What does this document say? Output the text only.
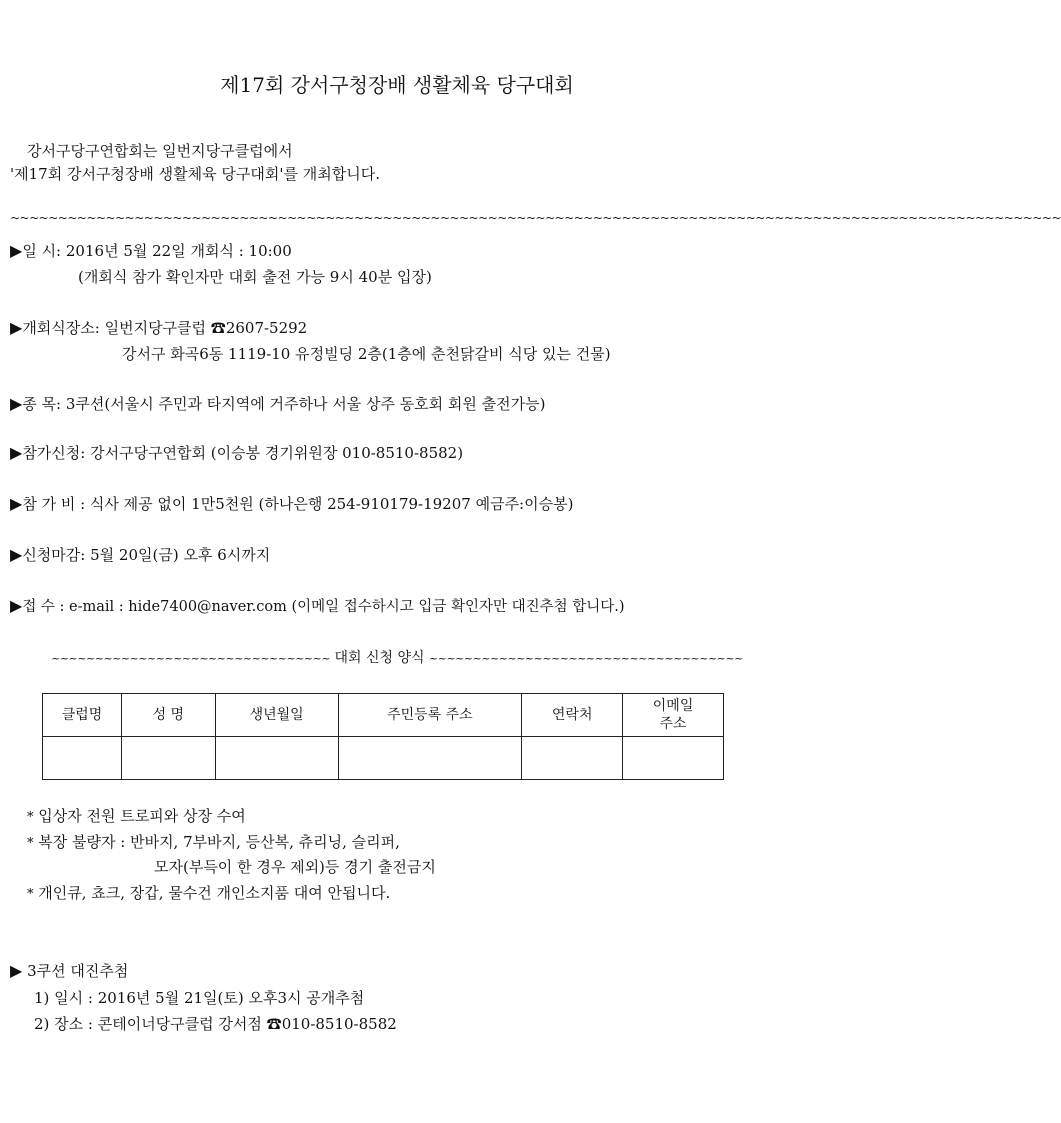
제17회 강서구청장배 생활체육 당구대회
강서구당구연합회는 일번지당구클럽에서
'제17회 강서구청장배 생활체육 당구대회'를 개최합니다.
~~~~~~~~~~~~~~~~~~~~~~~~~~~~~~~~~~~~~~~~~~~~~~~~~~~~~~~~~~~~~~~~~~~~~~~~~~~~~~~~~~~~~~~~~~~~~~~~~~~~~~~~~~~~~~
▶일 시: 2016년 5월 22일 개회식 : 10:00
(개회식 참가 확인자만 대회 출전 가능 9시 40분 입장)
▶개회식장소: 일번지당구클럽 ☎2607-5292
강서구 화곡6동 1119-10 유정빌딩 2층(1층에 춘천닭갈비 식당 있는 건물)
▶종 목: 3쿠션(서울시 주민과 타지역에 거주하나 서울 상주 동호회 회원 출전가능)
▶참가신청: 강서구당구연합회 (이승봉 경기위원장 010-8510-8582)
▶참 가 비 : 식사 제공 없이 1만5천원 (하나은행 254-910179-19207 예금주:이승봉)
▶신청마감: 5월 20일(금) 오후 6시까지
▶접 수 : e-mail : hide7400@naver.com (이메일 접수하시고 입금 확인자만 대진추첨 합니다.)
~~~~~~~~~~~~~~~~~~~~~~~~~~~~~~~~ 대회 신청 양식 ~~~~~~~~~~~~~~~~~~~~~~~~~~~~~~~~~~~~
클럽명	성 명	생년월일	주민등록 주소	연락처	이메일
주소

* 입상자 전원 트로피와 상장 수여
* 복장 불량자 : 반바지, 7부바지, 등산복, 츄리닝, 슬리퍼,
모자(부득이 한 경우 제외)등 경기 출전금지
* 개인큐, 쵸크, 장갑, 물수건 개인소지품 대여 안됩니다.
▶ 3쿠션 대진추첨
1) 일시 : 2016년 5월 21일(토) 오후3시 공개추첨
2) 장소 : 콘테이너당구클럽 강서점 ☎010-8510-8582
